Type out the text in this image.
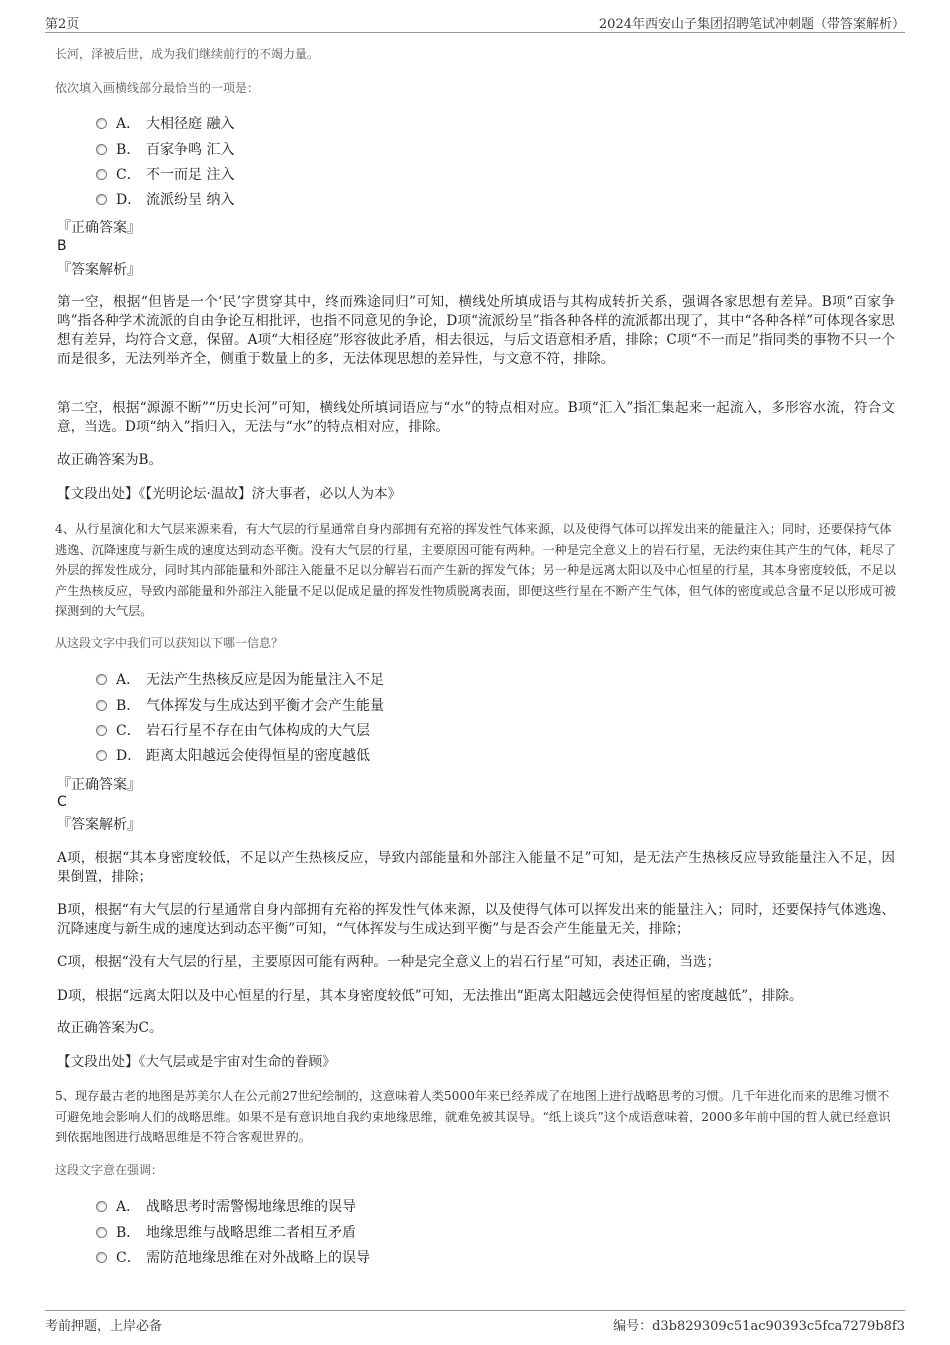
第2页	2024年西安山子集团招聘笔试冲刺题（带答案解析）

长河，泽被后世，成为我们继续前行的不竭力量。

依次填入画横线部分最恰当的一项是：

A． 大相径庭 融入
B． 百家争鸣 汇入
C． 不一而足 注入
D． 流派纷呈 纳入
『正确答案』
B
『答案解析』

第一空，根据“但皆是一个‘民’字贯穿其中，终而殊途同归”可知，横线处所填成语与其构成转折关系，强调各家思想有差异。B项“百家争鸣”指各种学术流派的自由争论互相批评，也指不同意见的争论，D项“流派纷呈”指各种各样的流派都出现了，其中“各种各样”可体现各家思想有差异，均符合文意，保留。A项“大相径庭”形容彼此矛盾，相去很远，与后文语意相矛盾，排除；C项“不一而足”指同类的事物不只一个而是很多，无法列举齐全，侧重于数量上的多，无法体现思想的差异性，与文意不符，排除。

第二空，根据“源源不断”“历史长河”可知，横线处所填词语应与“水”的特点相对应。B项“汇入”指汇集起来一起流入，多形容水流，符合文意，当选。D项“纳入”指归入，无法与“水”的特点相对应，排除。

故正确答案为B。

【文段出处】《【光明论坛·温故】济大事者，必以人为本》

4、从行星演化和大气层来源来看，有大气层的行星通常自身内部拥有充裕的挥发性气体来源，以及使得气体可以挥发出来的能量注入；同时，还要保持气体逃逸、沉降速度与新生成的速度达到动态平衡。没有大气层的行星，主要原因可能有两种。一种是完全意义上的岩石行星，无法约束住其产生的气体，耗尽了外层的挥发性成分，同时其内部能量和外部注入能量不足以分解岩石而产生新的挥发气体；另一种是远离太阳以及中心恒星的行星，其本身密度较低，不足以产生热核反应，导致内部能量和外部注入能量不足以促成足量的挥发性物质脱离表面，即便这些行星在不断产生气体，但气体的密度或总含量不足以形成可被探测到的大气层。

从这段文字中我们可以获知以下哪一信息？

A． 无法产生热核反应是因为能量注入不足
B． 气体挥发与生成达到平衡才会产生能量
C． 岩石行星不存在由气体构成的大气层
D． 距离太阳越远会使得恒星的密度越低
『正确答案』
C
『答案解析』

A项，根据“其本身密度较低，不足以产生热核反应，导致内部能量和外部注入能量不足”可知，是无法产生热核反应导致能量注入不足，因果倒置，排除；

B项，根据“有大气层的行星通常自身内部拥有充裕的挥发性气体来源，以及使得气体可以挥发出来的能量注入；同时，还要保持气体逃逸、沉降速度与新生成的速度达到动态平衡”可知，“气体挥发与生成达到平衡”与是否会产生能量无关，排除；

C项，根据“没有大气层的行星，主要原因可能有两种。一种是完全意义上的岩石行星”可知，表述正确，当选；

D项，根据“远离太阳以及中心恒星的行星，其本身密度较低”可知，无法推出“距离太阳越远会使得恒星的密度越低”，排除。

故正确答案为C。

【文段出处】《大气层或是宇宙对生命的眷顾》

5、现存最古老的地图是苏美尔人在公元前27世纪绘制的，这意味着人类5000年来已经养成了在地图上进行战略思考的习惯。几千年进化而来的思维习惯不可避免地会影响人们的战略思维。如果不是有意识地自我约束地缘思维，就难免被其误导。“纸上谈兵”这个成语意味着，2000多年前中国的哲人就已经意识到依据地图进行战略思维是不符合客观世界的。

这段文字意在强调：

A． 战略思考时需警惕地缘思维的误导
B． 地缘思维与战略思维二者相互矛盾
C． 需防范地缘思维在对外战略上的误导
考前押题，上岸必备	编号：d3b829309c51ac90393c5fca7279b8f3
